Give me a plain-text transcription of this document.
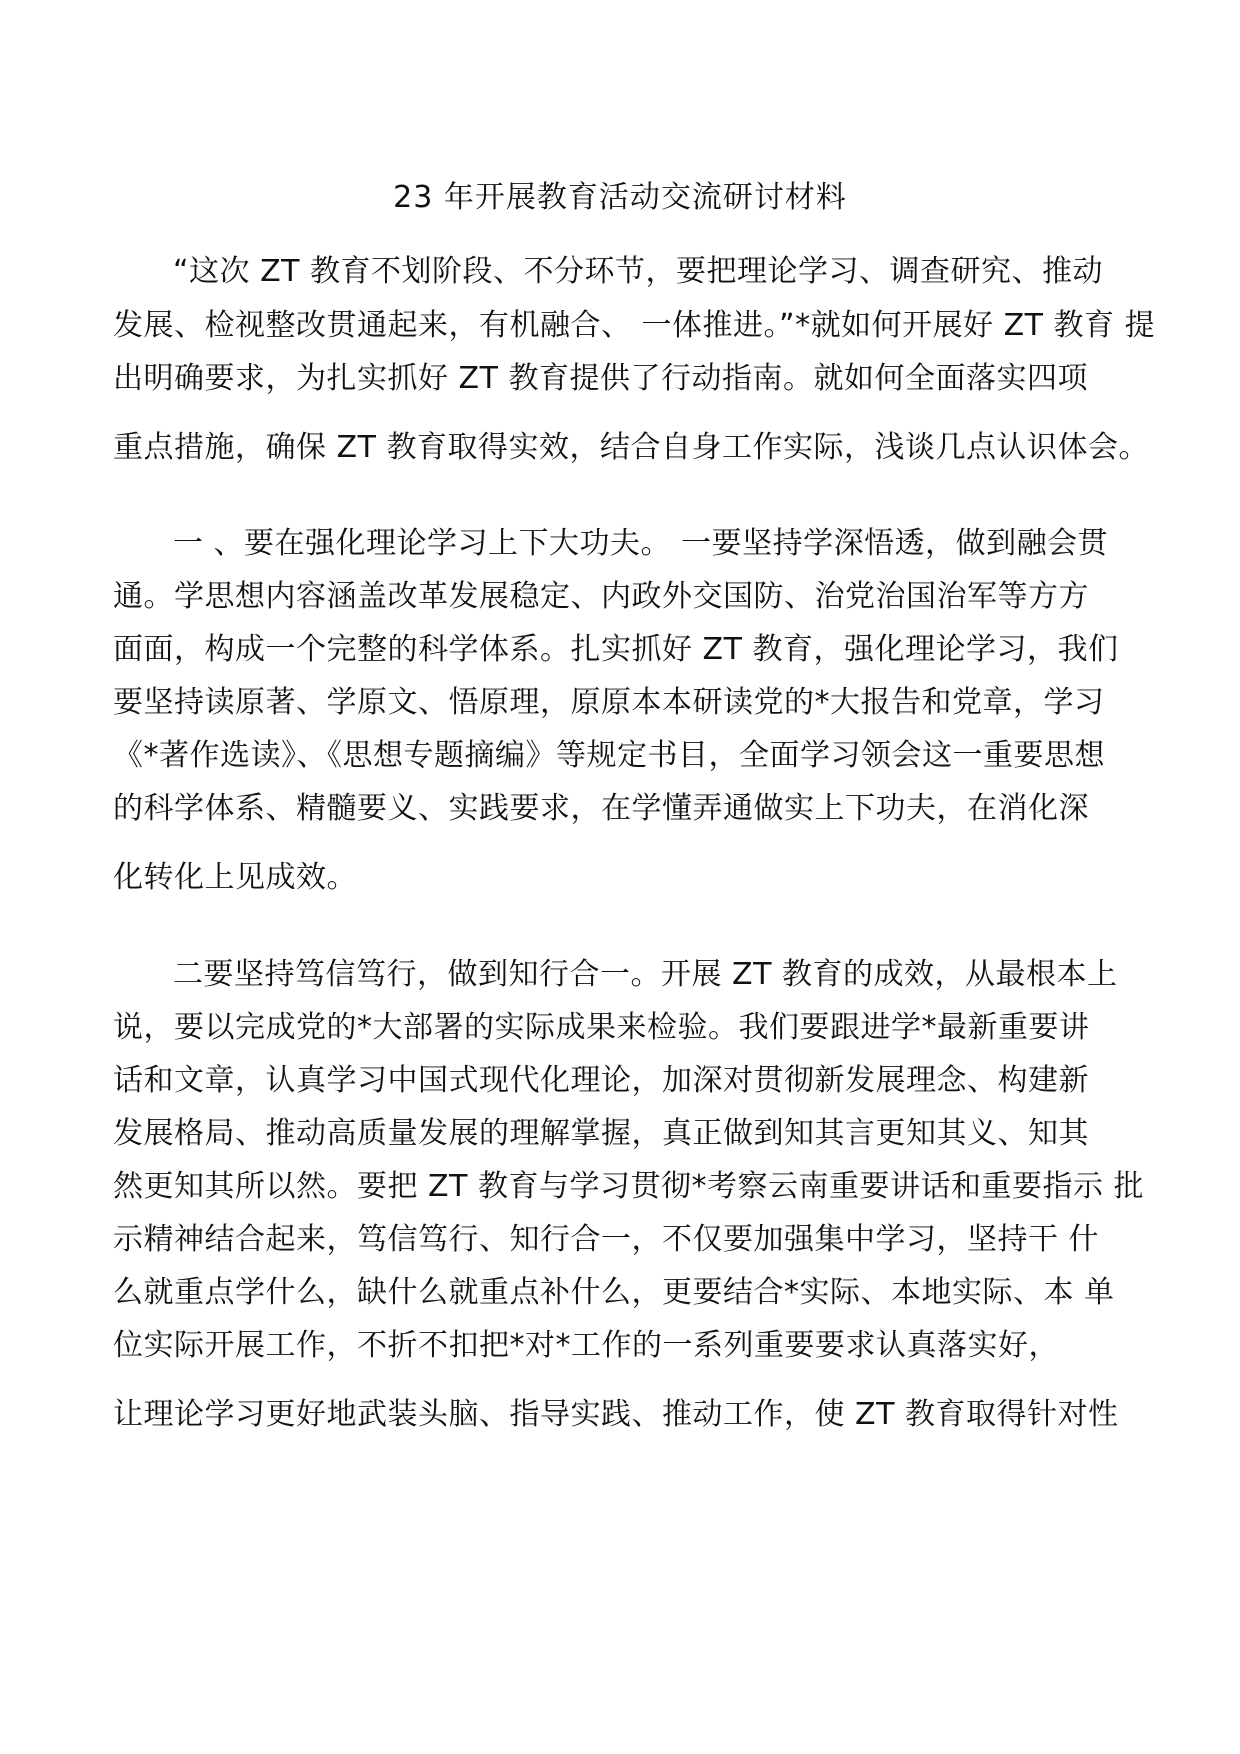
23 年开展教育活动交流研讨材料
“这次 ZT 教育不划阶段、不分环节，要把理论学习、调查研究、推动
发展、检视整改贯通起来，有机融合、 一体推进。”*就如何开展好 ZT 教育 提
出明确要求，为扎实抓好 ZT 教育提供了行动指南。就如何全面落实四项
重点措施，确保 ZT 教育取得实效，结合自身工作实际，浅谈几点认识体会。
一 、要在强化理论学习上下大功夫。 一要坚持学深悟透，做到融会贯
通。学思想内容涵盖改革发展稳定、内政外交国防、治党治国治军等方方
面面，构成一个完整的科学体系。扎实抓好 ZT 教育，强化理论学习，我们
要坚持读原著、学原文、悟原理，原原本本研读党的*大报告和党章，学习
《*著作选读》、《思想专题摘编》等规定书目，全面学习领会这一重要思想
的科学体系、精髓要义、实践要求，在学懂弄通做实上下功夫，在消化深
化转化上见成效。
二要坚持笃信笃行，做到知行合一。开展 ZT 教育的成效，从最根本上
说，要以完成党的*大部署的实际成果来检验。我们要跟进学*最新重要讲
话和文章，认真学习中国式现代化理论，加深对贯彻新发展理念、构建新
发展格局、推动高质量发展的理解掌握，真正做到知其言更知其义、知其
然更知其所以然。要把 ZT 教育与学习贯彻*考察云南重要讲话和重要指示 批
示精神结合起来，笃信笃行、知行合一，不仅要加强集中学习，坚持干 什
么就重点学什么，缺什么就重点补什么，更要结合*实际、本地实际、本 单
位实际开展工作，不折不扣把*对*工作的一系列重要要求认真落实好，
让理论学习更好地武装头脑、指导实践、推动工作，使 ZT 教育取得针对性
